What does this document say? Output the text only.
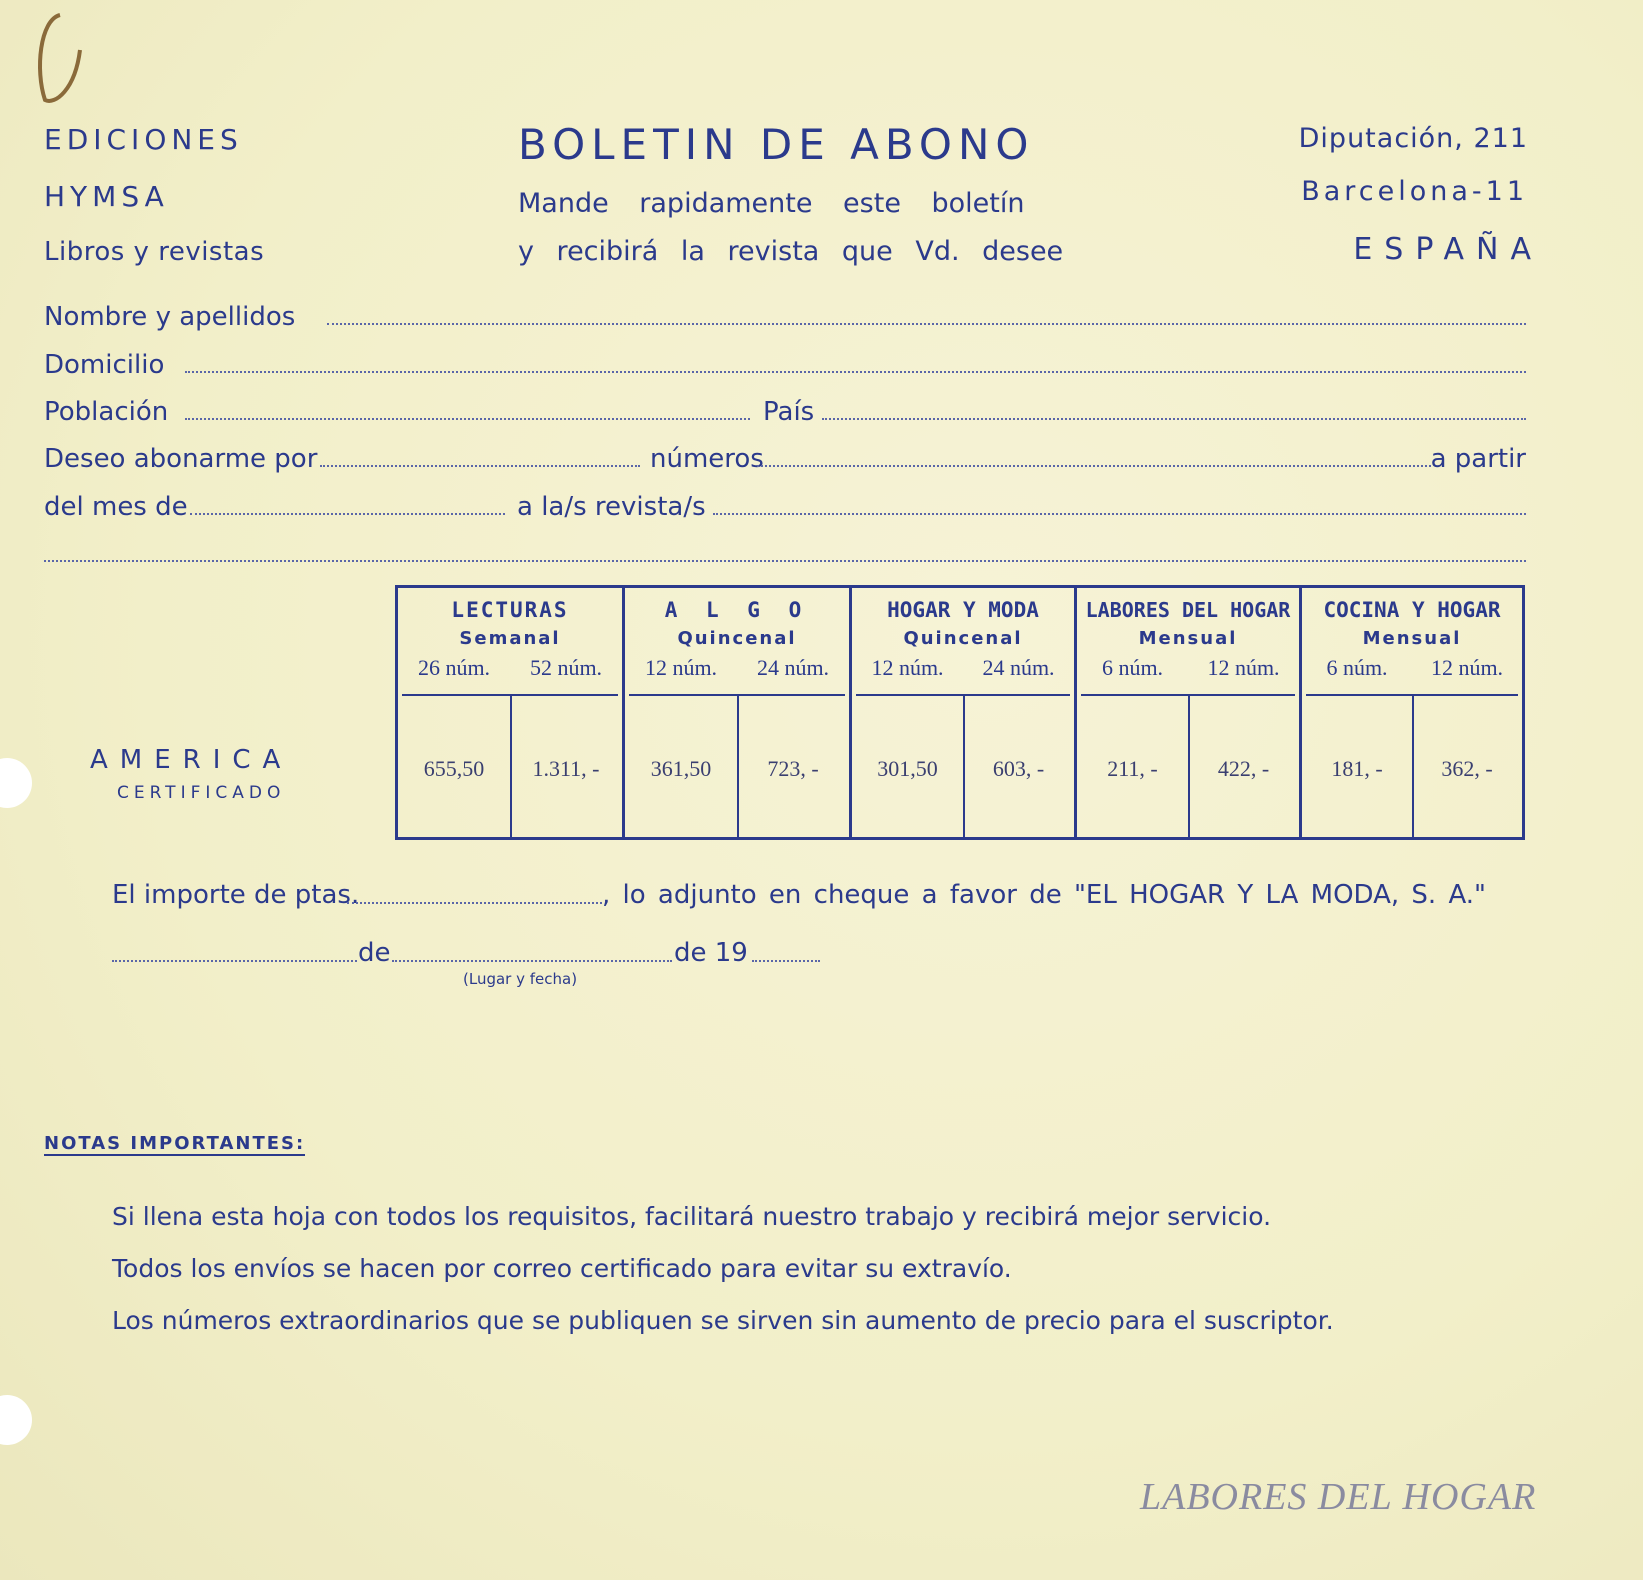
EDICIONES
HYMSA
Libros y revistas
BOLETIN DE ABONO
Mande rapidamente este boletín
y recibirá la revista que Vd. desee
Diputación, 211
Barcelona-11
ESPAÑA
Nombre y apellidos
Domicilio
Población	País
Deseo abonarme por	números	a partir
del mes de	a la/s revista/s
AMERICA
CERTIFICADO
LECTURAS
Semanal
26 núm.	52 núm.
655,50	1.311, -
A L G O
Quincenal
12 núm.	24 núm.
361,50	723, -
HOGAR Y MODA
Quincenal
12 núm.	24 núm.
301,50	603, -
LABORES DEL HOGAR
Mensual
6 núm.	12 núm.
211, -	422, -
COCINA Y HOGAR
Mensual
6 núm.	12 núm.
181, -	362, -
El importe de ptas.	, lo adjunto en cheque a favor de "EL HOGAR Y LA MODA, S. A."
de	de 19
(Lugar y fecha)
NOTAS IMPORTANTES:
Si llena esta hoja con todos los requisitos, facilitará nuestro trabajo y recibirá mejor servicio.
Todos los envíos se hacen por correo certificado para evitar su extravío.
Los números extraordinarios que se publiquen se sirven sin aumento de precio para el suscriptor.
LABORES DEL HOGAR
